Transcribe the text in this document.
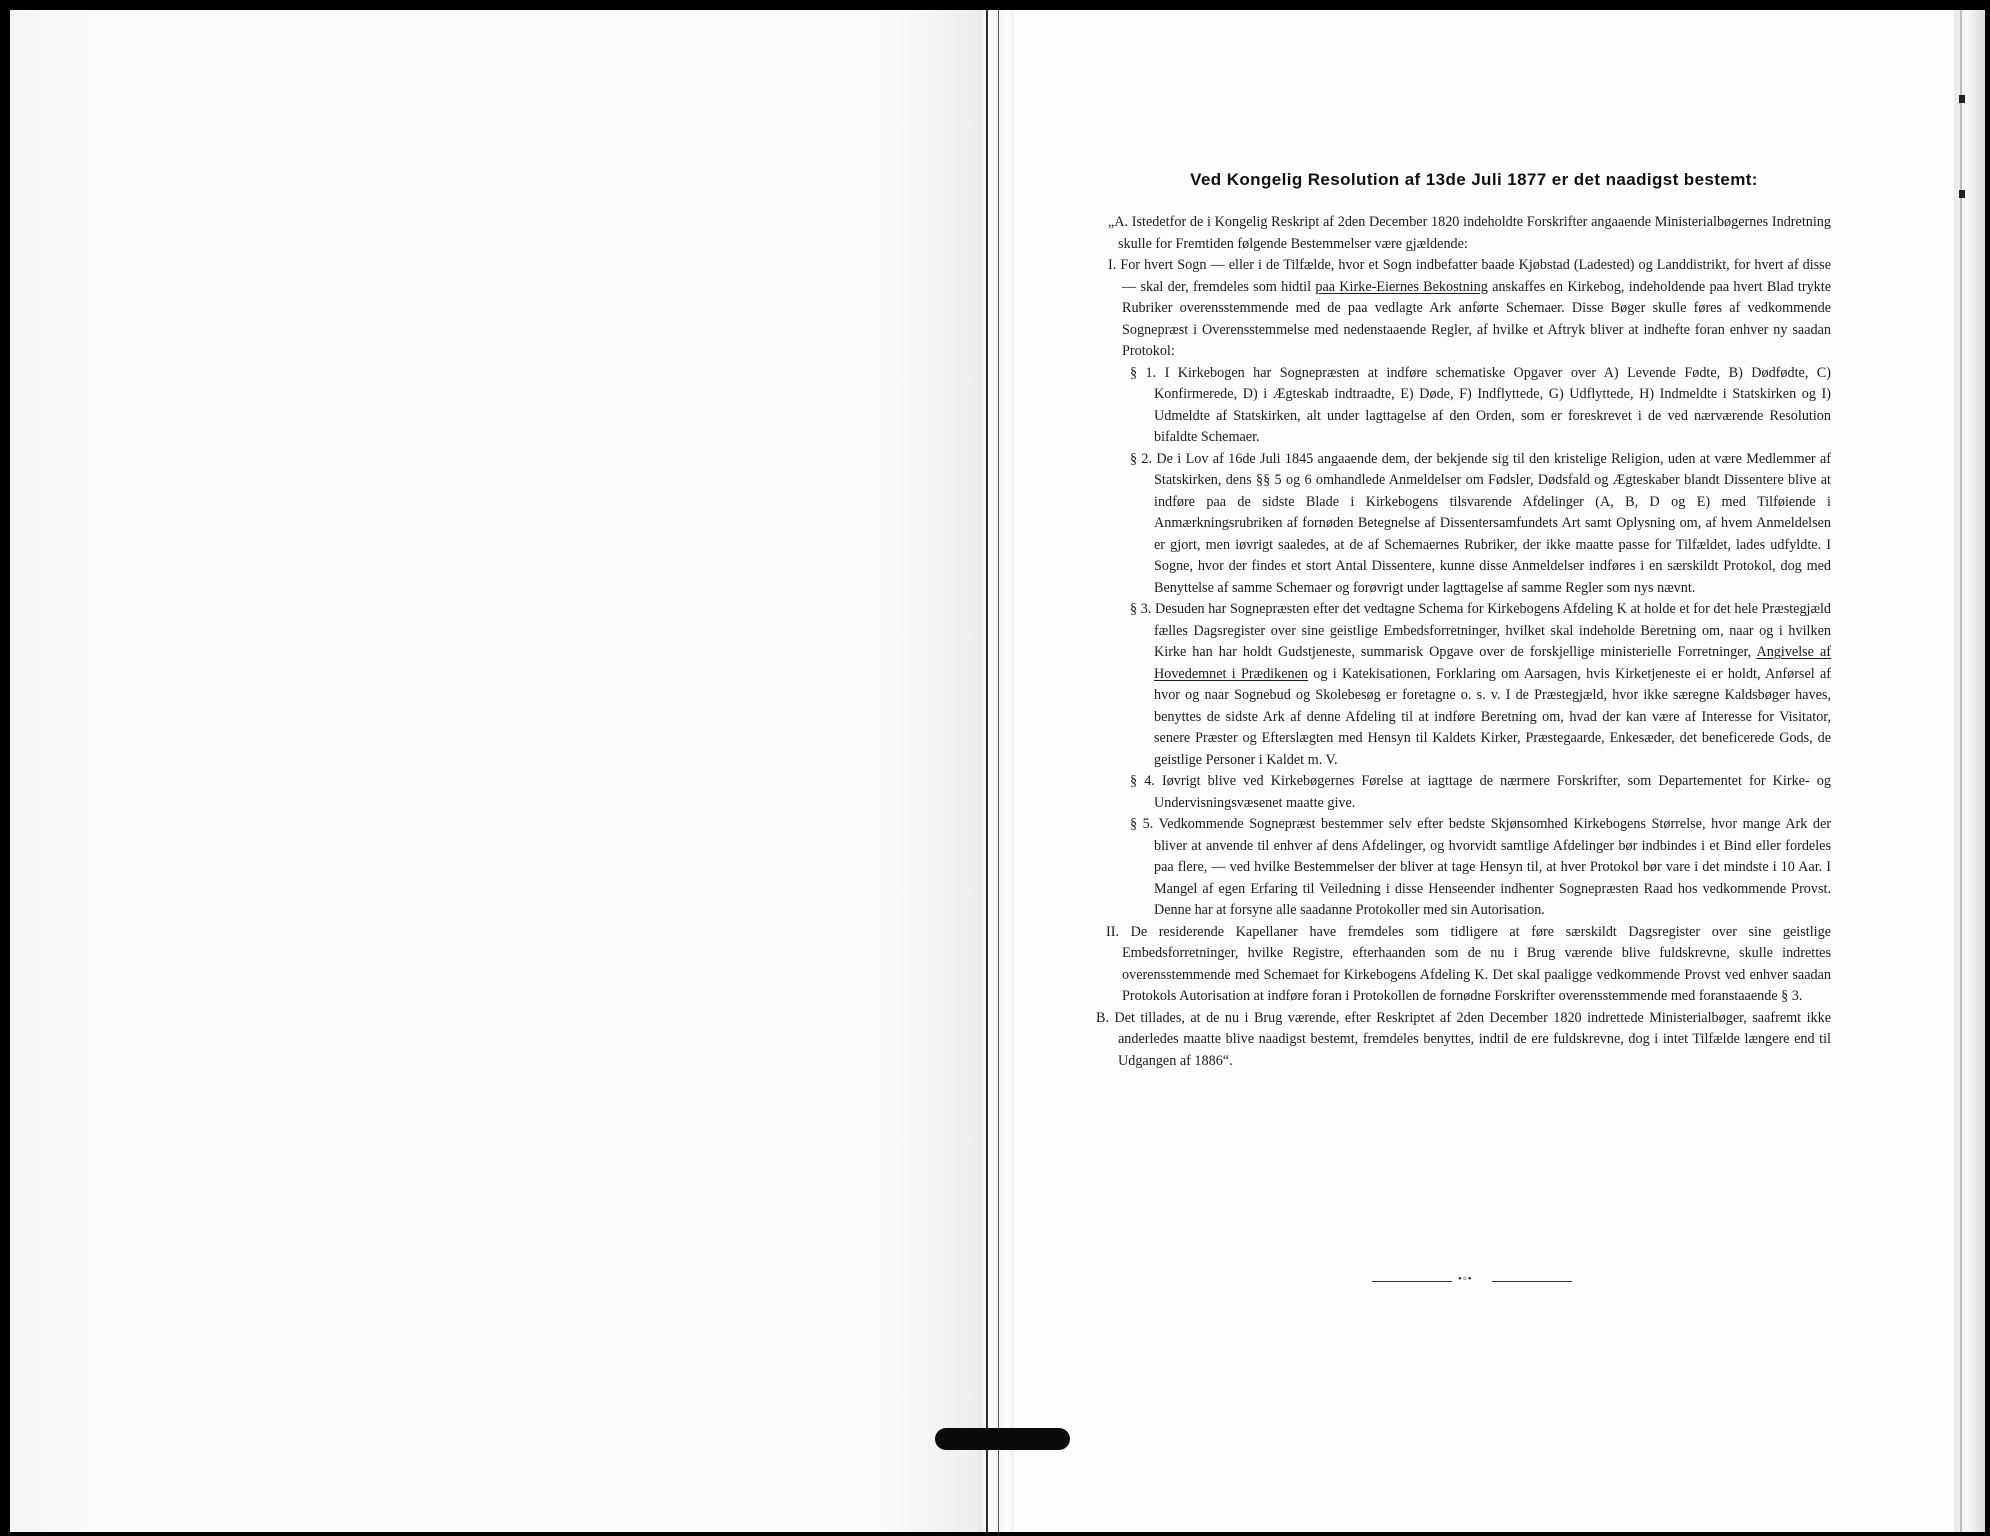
Ved Kongelig Resolution af 13de Juli 1877 er det naadigst bestemt:
„A. Istedetfor de i Kongelig Reskript af 2den December 1820 indeholdte Forskrifter angaaende Ministerialbøgernes Indretning skulle for Fremtiden følgende Bestemmelser være gjældende:
I. For hvert Sogn — eller i de Tilfælde, hvor et Sogn indbefatter baade Kjøbstad (Ladested) og Landdistrikt, for hvert af disse — skal der, fremdeles som hidtil paa Kirke-Eiernes Bekostning anskaffes en Kirkebog, indeholdende paa hvert Blad trykte Rubriker overensstemmende med de paa vedlagte Ark anførte Schemaer. Disse Bøger skulle føres af vedkommende Sognepræst i Overensstemmelse med nedenstaaende Regler, af hvilke et Aftryk bliver at indhefte foran enhver ny saadan Protokol:
§ 1. I Kirkebogen har Sognepræsten at indføre schematiske Opgaver over A) Levende Fødte, B) Dødfødte, C) Konfirmerede, D) i Ægteskab indtraadte, E) Døde, F) Indflyttede, G) Udflyttede, H) Indmeldte i Statskirken og I) Udmeldte af Statskirken, alt under lagttagelse af den Orden, som er foreskrevet i de ved nærværende Resolution bifaldte Schemaer.
§ 2. De i Lov af 16de Juli 1845 angaaende dem, der bekjende sig til den kristelige Religion, uden at være Medlemmer af Statskirken, dens §§ 5 og 6 omhandlede Anmeldelser om Fødsler, Dødsfald og Ægteskaber blandt Dissentere blive at indføre paa de sidste Blade i Kirkebogens tilsvarende Afdelinger (A, B, D og E) med Tilføiende i Anmærkningsrubriken af fornøden Betegnelse af Dissentersamfundets Art samt Oplysning om, af hvem Anmeldelsen er gjort, men iøvrigt saaledes, at de af Schemaernes Rubriker, der ikke maatte passe for Tilfældet, lades udfyldte. I Sogne, hvor der findes et stort Antal Dissentere, kunne disse Anmeldelser indføres i en særskildt Protokol, dog med Benyttelse af samme Schemaer og forøvrigt under lagttagelse af samme Regler som nys nævnt.
§ 3. Desuden har Sognepræsten efter det vedtagne Schema for Kirkebogens Afdeling K at holde et for det hele Præstegjæld fælles Dagsregister over sine geistlige Embedsforretninger, hvilket skal indeholde Beretning om, naar og i hvilken Kirke han har holdt Gudstjeneste, summarisk Opgave over de forskjellige ministerielle Forretninger, Angivelse af Hovedemnet i Prædikenen og i Katekisationen, Forklaring om Aarsagen, hvis Kirketjeneste ei er holdt, Anførsel af hvor og naar Sognebud og Skolebesøg er foretagne o. s. v. I de Præstegjæld, hvor ikke særegne Kaldsbøger haves, benyttes de sidste Ark af denne Afdeling til at indføre Beretning om, hvad der kan være af Interesse for Visitator, senere Præster og Efterslægten med Hensyn til Kaldets Kirker, Præstegaarde, Enkesæder, det beneficerede Gods, de geistlige Personer i Kaldet m. V.
§ 4. Iøvrigt blive ved Kirkebøgernes Førelse at iagttage de nærmere Forskrifter, som Departementet for Kirke- og Undervisningsvæsenet maatte give.
§ 5. Vedkommende Sognepræst bestemmer selv efter bedste Skjønsomhed Kirkebogens Størrelse, hvor mange Ark der bliver at anvende til enhver af dens Afdelinger, og hvorvidt samtlige Afdelinger bør indbindes i et Bind eller fordeles paa flere, — ved hvilke Bestemmelser der bliver at tage Hensyn til, at hver Protokol bør vare i det mindste i 10 Aar. I Mangel af egen Erfaring til Veiledning i disse Henseender indhenter Sognepræsten Raad hos vedkommende Provst. Denne har at forsyne alle saadanne Protokoller med sin Autorisation.
II. De residerende Kapellaner have fremdeles som tidligere at føre særskildt Dagsregister over sine geistlige Embedsforretninger, hvilke Registre, efterhaanden som de nu i Brug værende blive fuldskrevne, skulle indrettes overensstemmende med Schemaet for Kirkebogens Afdeling K. Det skal paaligge vedkommende Provst ved enhver saadan Protokols Autorisation at indføre foran i Protokollen de fornødne Forskrifter overensstemmende med foranstaaende § 3.
B. Det tillades, at de nu i Brug værende, efter Reskriptet af 2den December 1820 indrettede Ministerialbøger, saafremt ikke anderledes maatte blive naadigst bestemt, fremdeles benyttes, indtil de ere fuldskrevne, dog i intet Tilfælde længere end til Udgangen af 1886“.
•◦•
